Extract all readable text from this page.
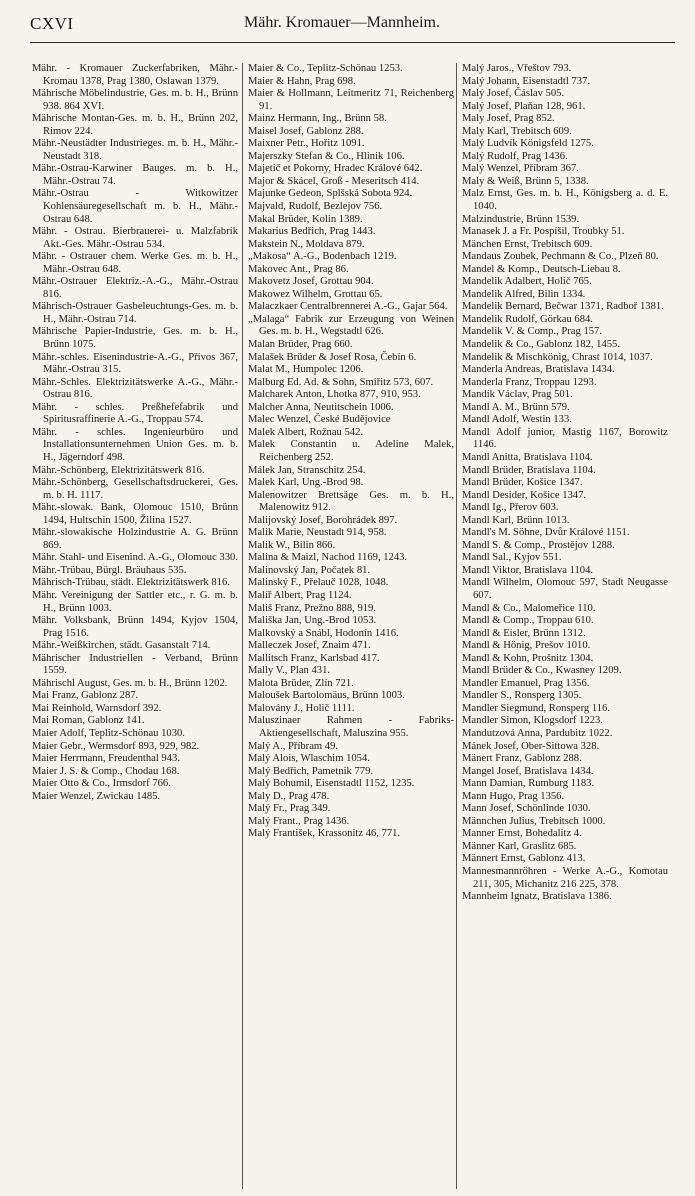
CXVI	Mähr. Kromauer—Mannheim.
Mähr. - Kromauer Zuckerfabriken, Mähr.-Kromau 1378, Prag 1380, Oslawan 1379.
Mährische Möbelindustrie, Ges. m. b. H., Brünn 938. 864 XVI.
Mährische Montan-Ges. m. b. H., Brünn 202, Rimov 224.
Mähr.-Neustädter Industrieges. m. b. H., Mähr.-Neustadt 318.
Mähr.-Ostrau-Karwiner Bauges. m. b. H., Mähr.-Ostrau 74.
Mähr.-Ostrau - Witkowitzer Kohlensäuregesellschaft m. b. H., Mähr.-Ostrau 648.
Mähr. - Ostrau. Bierbrauerei- u. Malzfabrik Akt.-Ges. Mähr.-Ostrau 534.
Mähr. - Ostrauer chem. Werke Ges. m. b. H., Mähr.-Ostrau 648.
Mähr.-Ostrauer Elektriz.-A.-G., Mähr.-Ostrau 816.
Mährisch-Ostrauer Gasbeleuchtungs-Ges. m. b. H., Mähr.-Ostrau 714.
Mährische Papier-Industrie, Ges. m. b. H., Brünn 1075.
Mähr.-schles. Eisenindustrie-A.-G., Přívos 367, Mähr.-Ostrau 315.
Mähr.-Schles. Elektrizitätswerke A.-G., Mähr.-Ostrau 816.
Mähr. - schles. Preßhefefabrik und Spiritusraffinerie A.-G., Troppau 574.
Mähr. - schles. Ingenieurbüro und Installationsunternehmen Union Ges. m. b. H., Jägerndorf 498.
Mähr.-Schönberg, Elektrizitätswerk 816.
Mähr.-Schönberg, Gesellschaftsdruckerei, Ges. m. b. H. 1117.
Mähr.-slowak. Bank, Olomouc 1510, Brünn 1494, Hultschin 1500, Žilina 1527.
Mähr.-slowakische Holzindustrie A. G. Brünn 869.
Mähr. Stahl- und Eisenind. A.-G., Olomouc 330.
Mähr.-Trübau, Bürgl. Bräuhaus 535.
Mährisch-Trübau, städt. Elektrizitätswerk 816.
Mähr. Vereinigung der Sattler etc., r. G. m. b. H., Brünn 1003.
Mähr. Volksbank, Brünn 1494, Kyjov 1504, Prag 1516.
Mähr.-Weißkirchen, städt. Gasanstalt 714.
Mährischer Industriellen - Verband, Brünn 1559.
Mährischl August, Ges. m. b. H., Brünn 1202.
Mai Franz, Gablonz 287.
Mai Reinhold, Warnsdorf 392.
Mai Roman, Gablonz 141.
Maier Adolf, Teplitz-Schönau 1030.
Maier Gebr., Wermsdorf 893, 929, 982.
Maier Herrmann, Freudenthal 943.
Maier J. S. & Comp., Chodau 168.
Maier Otto & Co., Irmsdorf 766.
Maier Wenzel, Zwickau 1485.
Maier & Co., Teplitz-Schönau 1253.
Maier & Hahn, Prag 698.
Maier & Hollmann, Leitmeritz 71, Reichenberg 91.
Mainz Hermann, Ing., Brünn 58.
Maisel Josef, Gablonz 288.
Maixner Petr., Hořitz 1091.
Majerszky Stefan & Co., Hlinik 106.
Majetič et Pokorny, Hradec Králové 642.
Major & Skácel, Groß - Meseritsch 414.
Majunke Gedeon, Splšská Sobota 924.
Majvald, Rudolf, Bezlejov 756.
Makal Brüder, Kolin 1389.
Makarius Bedřich, Prag 1443.
Makstein N., Moldava 879.
„Makosa“ A.-G., Bodenbach 1219.
Makovec Ant., Prag 86.
Makovetz Josef, Grottau 904.
Makowez Wilhelm, Grottau 65.
Malaczkaer Centralbrennerei A.-G., Gajar 564.
„Malaga“ Fabrik zur Erzeugung von Weinen Ges. m. b. H., Wegstadtl 626.
Malan Brüder, Prag 660.
Malašek Brüder & Josef Rosa, Čebín 6.
Malat M., Humpolec 1206.
Malburg Ed. Ad. & Sohn, Smiřitz 573, 607.
Malcharek Anton, Lhotka 877, 910, 953.
Malcher Anna, Neutitschein 1006.
Malec Wenzel, České Budějovice
Malek Albert, Rožnau 542.
Malek Constantin u. Adeline Malek, Reichenberg 252.
Málek Jan, Stranschitz 254.
Malek Karl, Ung.-Brod 98.
Malenowitzer Brettsäge Ges. m. b. H., Malenowitz 912.
Malijovský Josef, Borohrádek 897.
Malik Marie, Neustadt 914, 958.
Malik W., Bilin 866.
Malina & Maizl, Nachod 1169, 1243.
Malinovský Jan, Počatek 81.
Malinský F., Přelauč 1028, 1048.
Malíř Albert, Prag 1124.
Mališ Franz, Prežno 888, 919.
Mališka Jan, Ung.-Brod 1053.
Malkovský a Snábl, Hodonín 1416.
Malleczek Josef, Znaim 471.
Mallitsch Franz, Karlsbad 417.
Mally V., Plan 431.
Malota Brüder, Zlín 721.
Maloušek Bartolomäus, Brünn 1003.
Malovány J., Holič 1111.
Maluszinaer Rahmen - Fabriks-Aktiengesellschaft, Maluszina 955.
Malý A., Příbram 49.
Malý Alois, Wlaschim 1054.
Malý Bedřich, Pametnik 779.
Malý Bohumil, Eisenstadtl 1152, 1235.
Maly D., Prag 478.
Malý Fr., Prag 349.
Malý Frant., Prag 1436.
Malý František, Krassonitz 46, 771.
Malý Jaros., Vřeštov 793.
Malý Johann, Eisenstadtl 737.
Malý Josef, Čáslav 505.
Malý Josef, Plaňan 128, 961.
Maly Josef, Prag 852.
Maly Karl, Trebitsch 609.
Malý Ludvík Königsfeld 1275.
Malý Rudolf, Prag 1436.
Malý Wenzel, Příbram 367.
Maly & Weiß, Brünn 5, 1338.
Malz Ernst, Ges. m. b. H., Königsberg a. d. E. 1040.
Malzindustrie, Brünn 1539.
Manasek J. a Fr. Pospíšil, Troubky 51.
Mänchen Ernst, Trebitsch 609.
Mandaus Zoubek, Pechmann & Co., Plzeň 80.
Mandel & Komp., Deutsch-Liebau 8.
Mandelik Adalbert, Holič 765.
Mandelik Alfred, Bilin 1334.
Mandelik Bernard, Bečwar 1371, Radboř 1381.
Mandelik Rudolf, Görkau 684.
Mandelik V. & Comp., Prag 157.
Mandelik & Co., Gablonz 182, 1455.
Mandelik & Mischkönig, Chrast 1014, 1037.
Manderla Andreas, Bratislava 1434.
Manderla Franz, Troppau 1293.
Mandík Václav, Prag 501.
Mandl A. M., Brünn 579.
Mandl Adolf, Westin 133.
Mandl Adolf junior, Mastig 1167, Borowitz 1146.
Mandl Anitta, Bratislava 1104.
Mandl Brüder, Bratislava 1104.
Mandl Brüder, Košice 1347.
Mandl Desider, Košice 1347.
Mandl Ig., Přerov 603.
Mandl Karl, Brünn 1013.
Mandl's M. Söhne, Dvůr Králové 1151.
Mandl S. & Comp., Prostějov 1288.
Mandl Sal., Kyjov 551.
Mandl Viktor, Bratislava 1104.
Mandl Wilhelm, Olomouc 597, Stadt Neugasse 607.
Mandl & Co., Malomeřice 110.
Mandl & Comp., Troppau 610.
Mandl & Eisler, Brünn 1312.
Mandl & Hönig, Prešov 1010.
Mandl & Kohn, Prošnitz 1304.
Mandl Brüder & Co., Kwasney 1209.
Mandler Emanuel, Prag 1356.
Mandler S., Ronsperg 1305.
Mandler Siegmund, Ronsperg 116.
Mandler Simon, Klogsdorf 1223.
Mandutzová Anna, Pardubitz 1022.
Mánek Josef, Ober-Sittowa 328.
Mänert Franz, Gablonz 288.
Mangel Josef, Bratislava 1434.
Mann Damian, Rumburg 1183.
Mann Hugo, Prag 1356.
Mann Josef, Schönlinde 1030.
Männchen Julius, Trebitsch 1000.
Manner Ernst, Bohedalitz 4.
Männer Karl, Graslitz 685.
Männert Ernst, Gablonz 413.
Mannesmannröhren - Werke A.-G., Komotau 211, 305, Michanitz 216 225, 378.
Mannheim Ignatz, Bratislava 1386.
